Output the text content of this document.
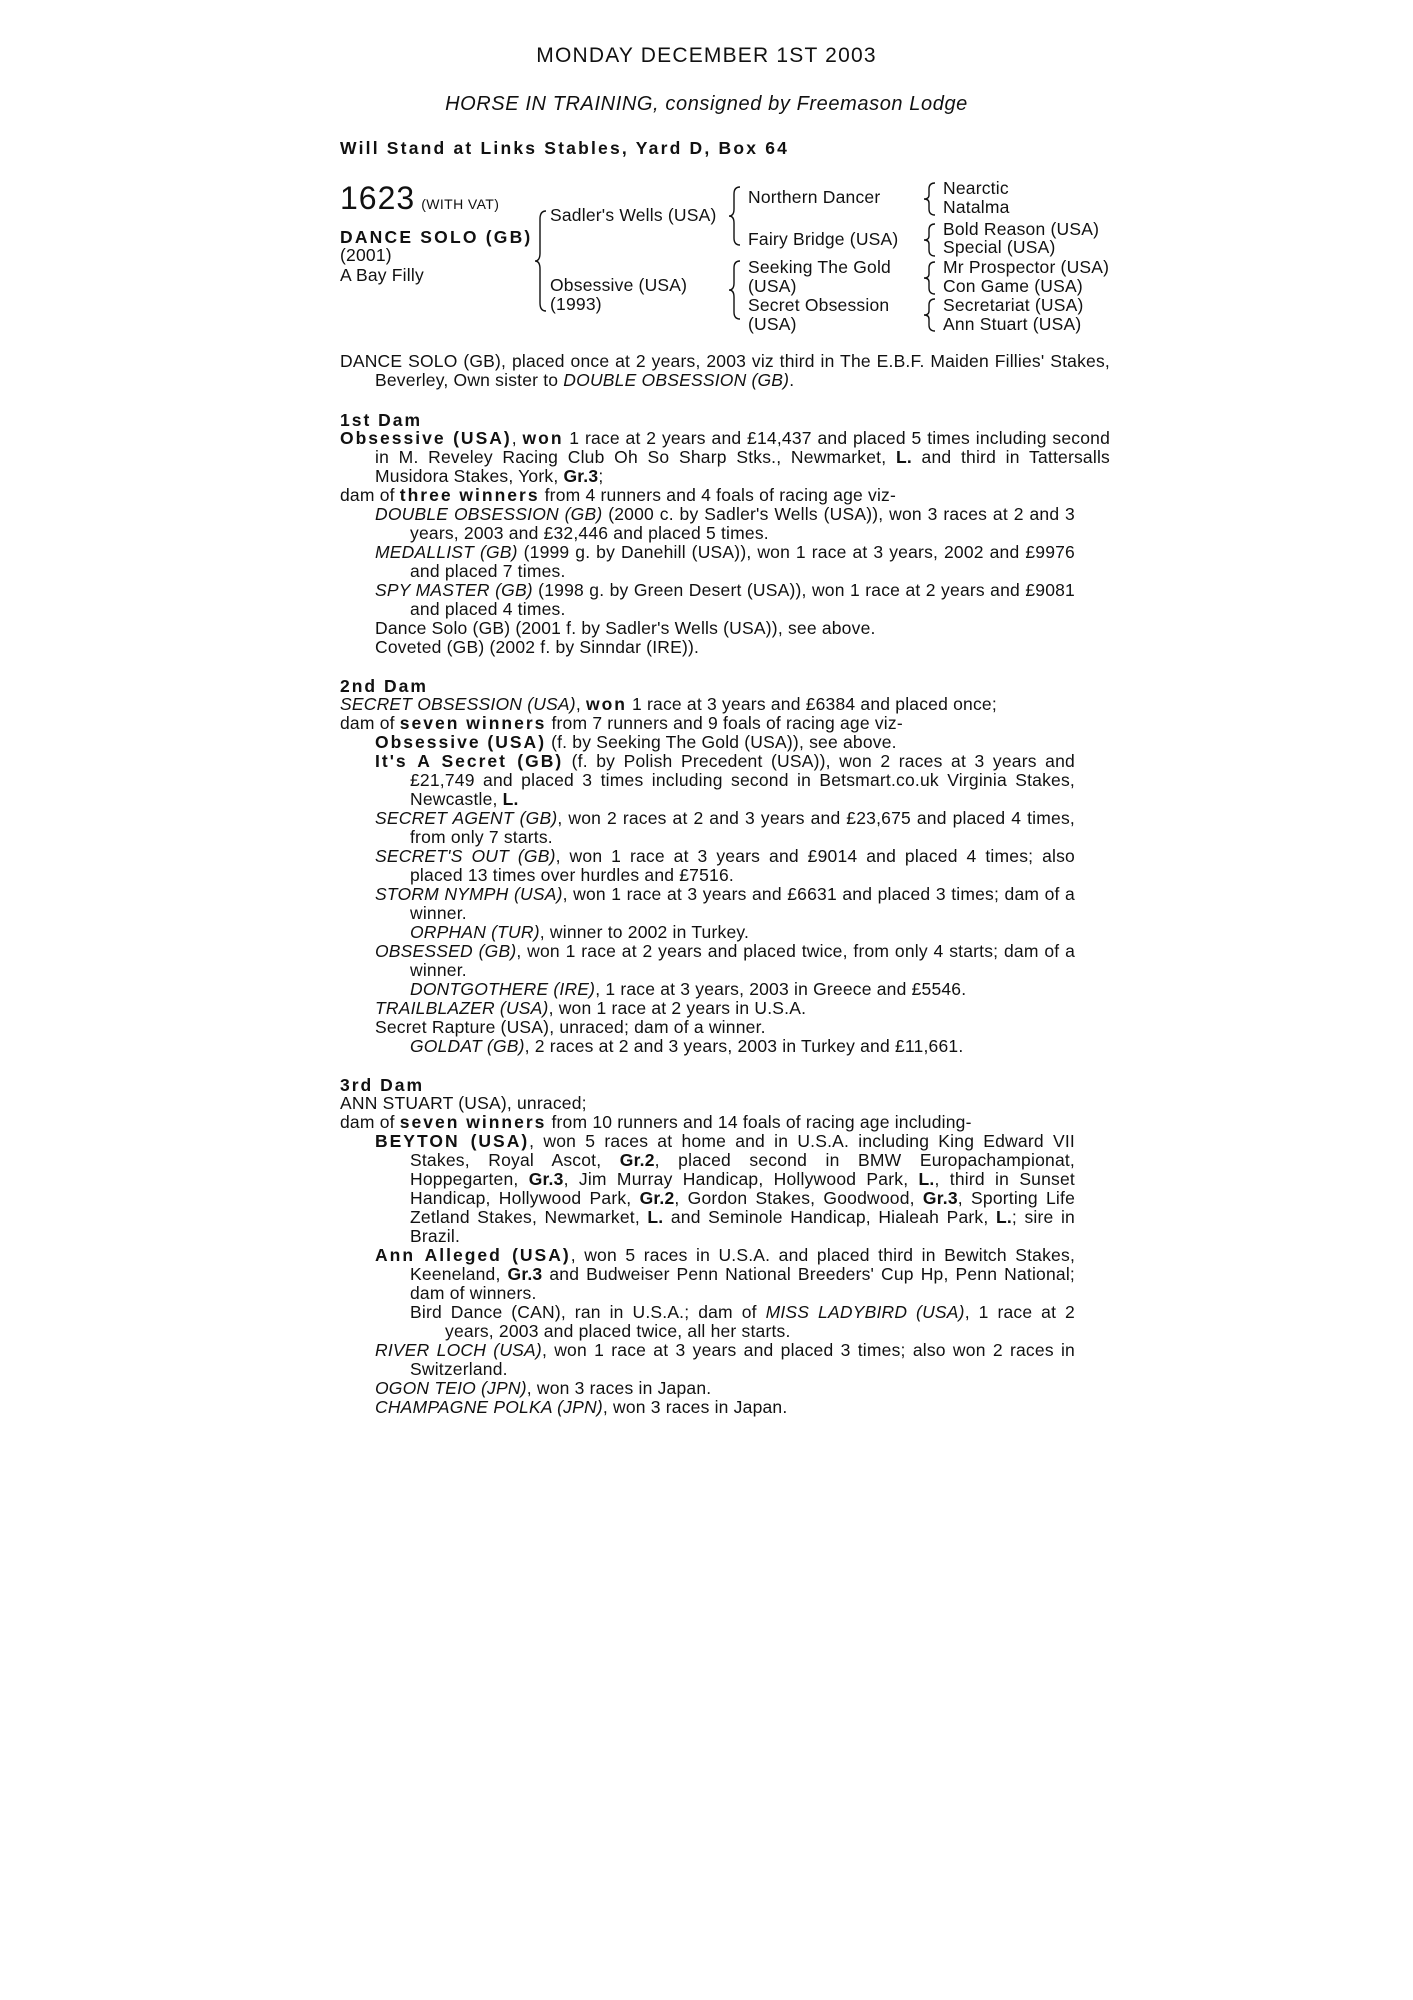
MONDAY DECEMBER 1ST 2003
HORSE IN TRAINING, consigned by Freemason Lodge
Will Stand at Links Stables, Yard D, Box 64
1623 (WITH VAT)
DANCE SOLO (GB)
(2001)
A Bay Filly
Sadler's Wells (USA)
Obsessive (USA)
(1993)
Northern Dancer
Fairy Bridge (USA)
Seeking The Gold
(USA)
Secret Obsession
(USA)
Nearctic
Natalma
Bold Reason (USA)
Special (USA)
Mr Prospector (USA)
Con Game (USA)
Secretariat (USA)
Ann Stuart (USA)
DANCE SOLO (GB), placed once at 2 years, 2003 viz third in The E.B.F. Maiden Fillies' Stakes, Beverley, Own sister to DOUBLE OBSESSION (GB).
1st Dam
Obsessive (USA), won 1 race at 2 years and £14,437 and placed 5 times including second in M. Reveley Racing Club Oh So Sharp Stks., Newmarket, L. and third in Tattersalls Musidora Stakes, York, Gr.3;
dam of three winners from 4 runners and 4 foals of racing age viz-
DOUBLE OBSESSION (GB) (2000 c. by Sadler's Wells (USA)), won 3 races at 2 and 3 years, 2003 and £32,446 and placed 5 times.
MEDALLIST (GB) (1999 g. by Danehill (USA)), won 1 race at 3 years, 2002 and £9976 and placed 7 times.
SPY MASTER (GB) (1998 g. by Green Desert (USA)), won 1 race at 2 years and £9081 and placed 4 times.
Dance Solo (GB) (2001 f. by Sadler's Wells (USA)), see above.
Coveted (GB) (2002 f. by Sinndar (IRE)).
2nd Dam
SECRET OBSESSION (USA), won 1 race at 3 years and £6384 and placed once;
dam of seven winners from 7 runners and 9 foals of racing age viz-
Obsessive (USA) (f. by Seeking The Gold (USA)), see above.
It's A Secret (GB) (f. by Polish Precedent (USA)), won 2 races at 3 years and £21,749 and placed 3 times including second in Betsmart.co.uk Virginia Stakes, Newcastle, L.
SECRET AGENT (GB), won 2 races at 2 and 3 years and £23,675 and placed 4 times, from only 7 starts.
SECRET'S OUT (GB), won 1 race at 3 years and £9014 and placed 4 times; also placed 13 times over hurdles and £7516.
STORM NYMPH (USA), won 1 race at 3 years and £6631 and placed 3 times; dam of a winner.
ORPHAN (TUR), winner to 2002 in Turkey.
OBSESSED (GB), won 1 race at 2 years and placed twice, from only 4 starts; dam of a winner.
DONTGOTHERE (IRE), 1 race at 3 years, 2003 in Greece and £5546.
TRAILBLAZER (USA), won 1 race at 2 years in U.S.A.
Secret Rapture (USA), unraced; dam of a winner.
GOLDAT (GB), 2 races at 2 and 3 years, 2003 in Turkey and £11,661.
3rd Dam
ANN STUART (USA), unraced;
dam of seven winners from 10 runners and 14 foals of racing age including-
BEYTON (USA), won 5 races at home and in U.S.A. including King Edward VII Stakes, Royal Ascot, Gr.2, placed second in BMW Europachampionat, Hoppegarten, Gr.3, Jim Murray Handicap, Hollywood Park, L., third in Sunset Handicap, Hollywood Park, Gr.2, Gordon Stakes, Goodwood, Gr.3, Sporting Life Zetland Stakes, Newmarket, L. and Seminole Handicap, Hialeah Park, L.; sire in Brazil.
Ann Alleged (USA), won 5 races in U.S.A. and placed third in Bewitch Stakes, Keeneland, Gr.3 and Budweiser Penn National Breeders' Cup Hp, Penn National; dam of winners.
Bird Dance (CAN), ran in U.S.A.; dam of MISS LADYBIRD (USA), 1 race at 2 years, 2003 and placed twice, all her starts.
RIVER LOCH (USA), won 1 race at 3 years and placed 3 times; also won 2 races in Switzerland.
OGON TEIO (JPN), won 3 races in Japan.
CHAMPAGNE POLKA (JPN), won 3 races in Japan.
